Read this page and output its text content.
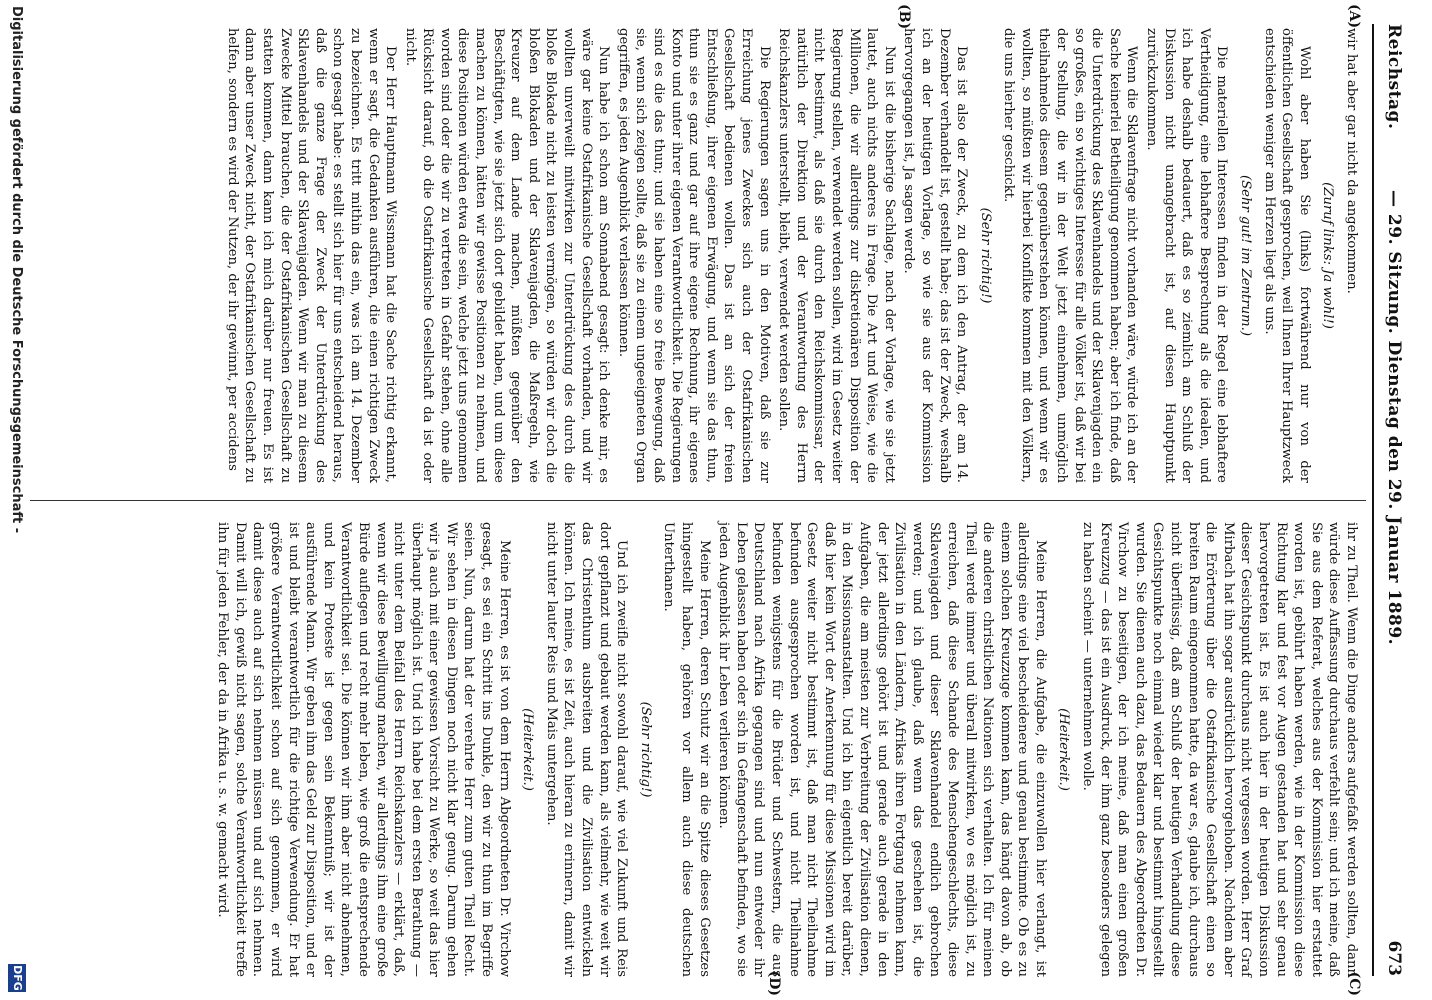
Reichstag.
— 29. Sitzung. Dienstag den 29. Januar 1889.
673
(A)
(B)
(C)
(D)

wir hat aber gar nicht da angekommen.

(Zuruf links: Ja wohl!)

Wohl aber haben Sie (links) fortwährend nur von der öffentlichen Gesellschaft gesprochen, weil Ihnen Ihrer Hauptzweck entschieden weniger am Herzen liegt als uns.

(Sehr gut! im Zentrum.)

Die materiellen Interessen finden in der Regel eine lebhaftere Vertheidigung, eine lebhaftere Besprechung als die idealen, und ich habe deshalb bedauert, daß es so ziemlich am Schluß der Diskussion nicht unangebracht ist, auf diesen Hauptpunkt zurückzukommen.

Wenn die Sklavenfrage nicht vorhanden wäre, würde ich an der Sache keinerlei Betheiligung genommen haben; aber ich finde, daß die Unterdrückung des Sklavenhandels und der Sklavenjagden ein so großes, ein so wichtiges Interesse für alle Völker ist, daß wir bei der Stellung, die wir in der Welt jetzt einnehmen, unmöglich theilnahmelos diesem gegenüberstehen können, und wenn wir es wollten, so müßten wir hierbei Konflikte kommen mit den Völkern, die uns hierher geschickt.

(Sehr richtig!)

Das ist also der Zweck, zu dem ich den Antrag, der am 14. Dezember verhandelt ist, gestellt habe; das ist der Zweck, weshalb ich an der heutigen Vorlage, so wie sie aus der Kommission hervorgegangen ist, Ja sagen werde.

Nun ist die bisherige Sachlage, nach der Vorlage, wie sie jetzt lautet, auch nichts anderes in Frage. Die Art und Weise, wie die Millionen, die wir allerdings zur diskretionären Disposition der Regierung stellen, verwendet werden sollen, wird im Gesetz weiter nicht bestimmt, als daß sie durch den Reichskommissar, der natürlich der Direktion und der Verantwortung des Herrn Reichskanzlers unterstellt, bleibt, verwendet werden sollen.

Die Regierungen sagen uns in den Motiven, daß sie zur Erreichung jenes Zweckes sich auch der Ostafrikanischen Gesellschaft bedienen wollen. Das ist an sich der freien Entschließung, ihrer eigenen Erwägung, und wenn sie das thun, thun sie es ganz und gar auf ihre eigene Rechnung, ihr eigenes Konto und unter ihrer eigenen Verantwortlichkeit. Die Regierungen sind es die das thun; und sie haben eine so freie Bewegung, daß sie, wenn sich zeigen sollte, daß sie zu einem ungeeigneten Organ gegriffen, es jeden Augenblick verlassen können.

Nun habe ich schon am Sonnabend gesagt: ich denke mir, es wäre gar keine Ostafrikanische Gesellschaft vorhanden, und wir wollten unverweilt mitwirken zur Unterdrückung des durch die bloße Blokade nicht zu leisten vermögen, so würden wir doch die bloßen Blokaden und der Sklavenjagden, die Maßregeln, wie Kreuzer auf dem Lande machen, müßten gegenüber den Beschäftigten, wie sie jetzt sich dort gebildet haben, und um diese machen zu können, hätten wir gewisse Positionen zu nehmen, und diese Positionen würden etwa die sein, welche jetzt uns genommen worden sind oder die wir zu vertreten in Gefahr stehen, ohne alle Rücksicht darauf, ob die Ostafrikanische Gesellschaft da ist oder nicht.

Der Herr Hauptmann Wissmann hat die Sache richtig erkannt, wenn er sagt, die Gedanken ausführen, die einen richtigen Zweck zu bezeichnen. Es tritt mithin das ein, was ich am 14. Dezember schon gesagt habe: es stellt sich hier für uns entscheidend heraus, daß die ganze Frage der Zweck der Unterdrückung des Sklavenhandels und der Sklavenjagden. Wenn wir man zu diesem Zwecke Mittel brauchen, die der Ostafrikanischen Gesellschaft zu statten kommen, dann kann ich mich darüber nur freuen. Es ist dann aber unser Zweck nicht, der Ostafrikanischen Gesellschaft zu helfen, sondern es wird der Nutzen, der ihr gewinnt, per accidens

ihr zu Theil. Wenn die Dinge anders aufgefaßt werden sollten, dann würde diese Auffassung durchaus verfehlt sein; und ich meine, daß Sie aus dem Referat, welches aus der Kommission hier erstattet worden ist, gebührt haben werden, wie in der Kommission diese Richtung klar und fest vor Augen gestanden hat und sehr genau hervorgetreten ist. Es ist auch hier in der heutigen Diskussion dieser Gesichtspunkt durchaus nicht vergessen worden. Herr Graf Mirbach hat ihn sogar ausdrücklich hervorgehoben. Nachdem aber die Erörterung über die Ostafrikanische Gesellschaft einen so breiten Raum eingenommen hatte, da war es, glaube ich, durchaus nicht überflüssig, daß am Schluß der heutigen Verhandlung diese Gesichtspunkte noch einmal wieder klar und bestimmt hingestellt wurden. Sie dienen auch dazu, das Bedauern des Abgeordneten Dr. Virchow zu beseitigen, der ich meine, daß man einen großen Kreuzzug — das ist ein Ausdruck, der ihm ganz besonders gelegen zu haben scheint — unternehmen wolle.

(Heiterkeit.)

Meine Herren, die Aufgabe, die einzuwollen hier verlangt, ist allerdings eine viel bescheidenere und genau bestimmte. Ob es zu einem solchen Kreuzzuge kommen kann, das hängt davon ab, ob die anderen christlichen Nationen sich verhalten. Ich für meinen Theil werde immer und überall mitwirken, wo es möglich ist, zu erreichen, daß diese Schande des Menschengeschlechts, diese Sklavenjagden und dieser Sklavenhandel endlich gebrochen werden; und ich glaube, daß wenn das geschehen ist, die Zivilisation in den Ländern, Afrikas ihren Fortgang nehmen kann, der jetzt allerdings gehört ist und gerade auch gerade in den Aufgaben, die am meisten zur Verbreitung der Zivilisation dienen, in den Missionsanstalten. Und ich bin eigentlich bereit darüber, daß hier kein Wort der Anerkennung für diese Missionen wird im Gesetz weiter nicht bestimmt ist, daß man nicht Theilnahme befunden ausgesprochen worden ist, und nicht Theilnahme befunden wenigstens für die Brüder und Schwestern, die aus Deutschland nach Afrika gegangen sind und nun entweder ihr Leben gelassen haben oder sich in Gefangenschaft befinden, wo sie jeden Augenblick ihr Leben verlieren können.

Meine Herren, deren Schutz wir an die Spitze dieses Gesetzes hingestellt haben, gehören vor allem auch diese deutschen Unterthanen.

(Sehr richtig!)

Und ich zweifle nicht sowohl darauf, wie viel Zukunft und Reis dort gepflanzt und gebaut werden kann, als vielmehr, wie weit wir das Christenthum ausbreiten und die Zivilisation entwickeln können. Ich meine, es ist Zeit, auch hieran zu erinnern, damit wir nicht unter lauter Reis und Mais untergehen.

(Heiterkeit.)

Meine Herren, es ist von dem Herrn Abgeordneten Dr. Virchow gesagt, es sei ein Schritt ins Dunkle, den wir zu thun im Begriffe seien. Nun, darum hat der verehrte Herr zum guten Theil Recht. Wir sehen in diesen Dingen noch nicht klar genug. Darum gehen wir ja auch mit einer gewissen Vorsicht zu Werke, so weit das hier überhaupt möglich ist. Und ich habe bei dem ersten Berathung — nicht unter dem Beifall des Herrn Reichskanzlers — erklärt, daß, wenn wir diese Bewilligung machen, wir allerdings ihm eine große Bürde auflegen und recht mehr leben, wie groß die entsprechende Verantwortlichkeit sei. Die können wir ihm aber nicht abnehmen, und kein Proteste ist gegen sein Bekenntniß; wir ist der ausführende Mann. Wir geben ihm das Geld zur Disposition, und er ist und bleibt verantwortlich für die richtige Verwendung. Er hat größere Verantwortlichkeit schon auf sich genommen, er wird damit diese auch auf sich nehmen müssen und auf sich nehmen. Damit will ich, gewiß nicht sagen, solche Verantwortlichkeit treffe ihn für jeden Fehler, der da in Afrika u. s. w. gemacht wird.

Digitalisierung gefördert durch die Deutsche Forschungsgemeinschaft -
DFG
